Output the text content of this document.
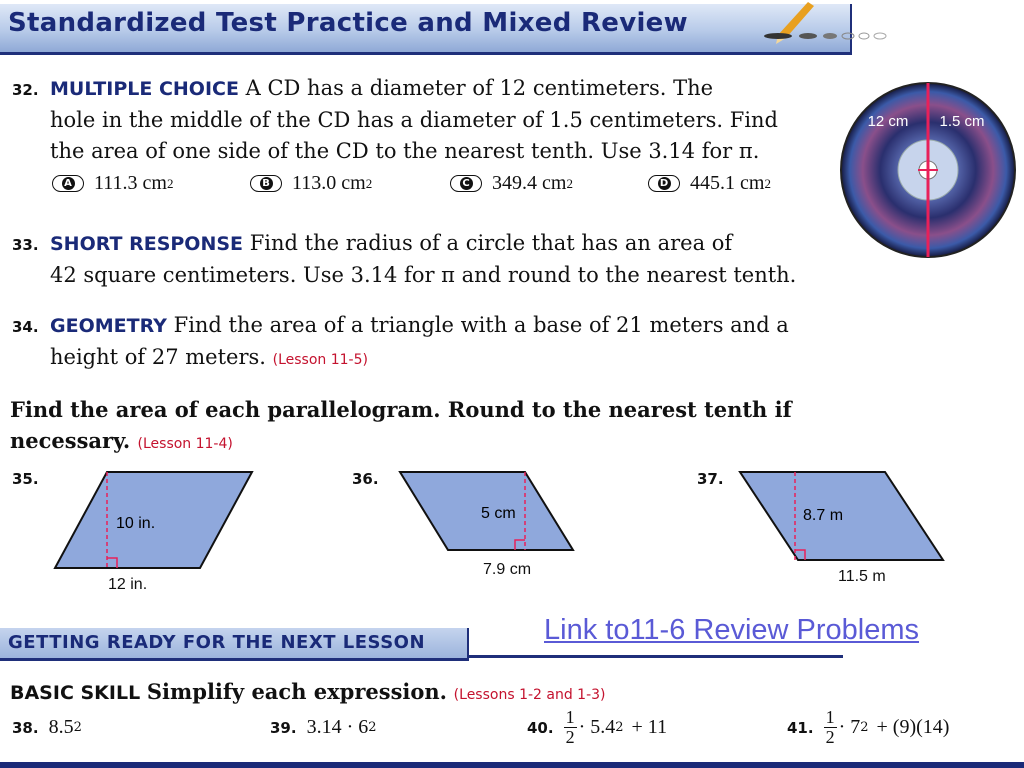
Standardized Test Practice and Mixed Review
32. MULTIPLE CHOICE A CD has a diameter of 12 centimeters. The
hole in the middle of the CD has a diameter of 1.5 centimeters. Find
the area of one side of the CD to the nearest tenth. Use 3.14 for π.
A	111.3 cm 2	B	113.0 cm 2	C	349.4 cm 2	D	445.1 cm 2
12 cm 1.5 cm
33. SHORT RESPONSE Find the radius of a circle that has an area of
42 square centimeters. Use 3.14 for π and round to the nearest tenth.
34. GEOMETRY Find the area of a triangle with a base of 21 meters and a
height of 27 meters. (Lesson 11-5)
Find the area of each parallelogram. Round to the nearest tenth if
necessary. (Lesson 11-4)
35.
10 in.
12 in.
36.
5 cm
7.9 cm
37.
8.7 m
11.5 m
GETTING READY FOR THE NEXT LESSON	Link to11-6 Review Problems
BASIC SKILL Simplify each expression. (Lessons 1-2 and 1-3)
38. 8.5 2	39. 3.14 · 6 2	40. $\frac{1}{2} \cdot 5.4$ 2 + 11	41. $\frac{1}{2} \cdot 7$ 2 + (9)(14)
